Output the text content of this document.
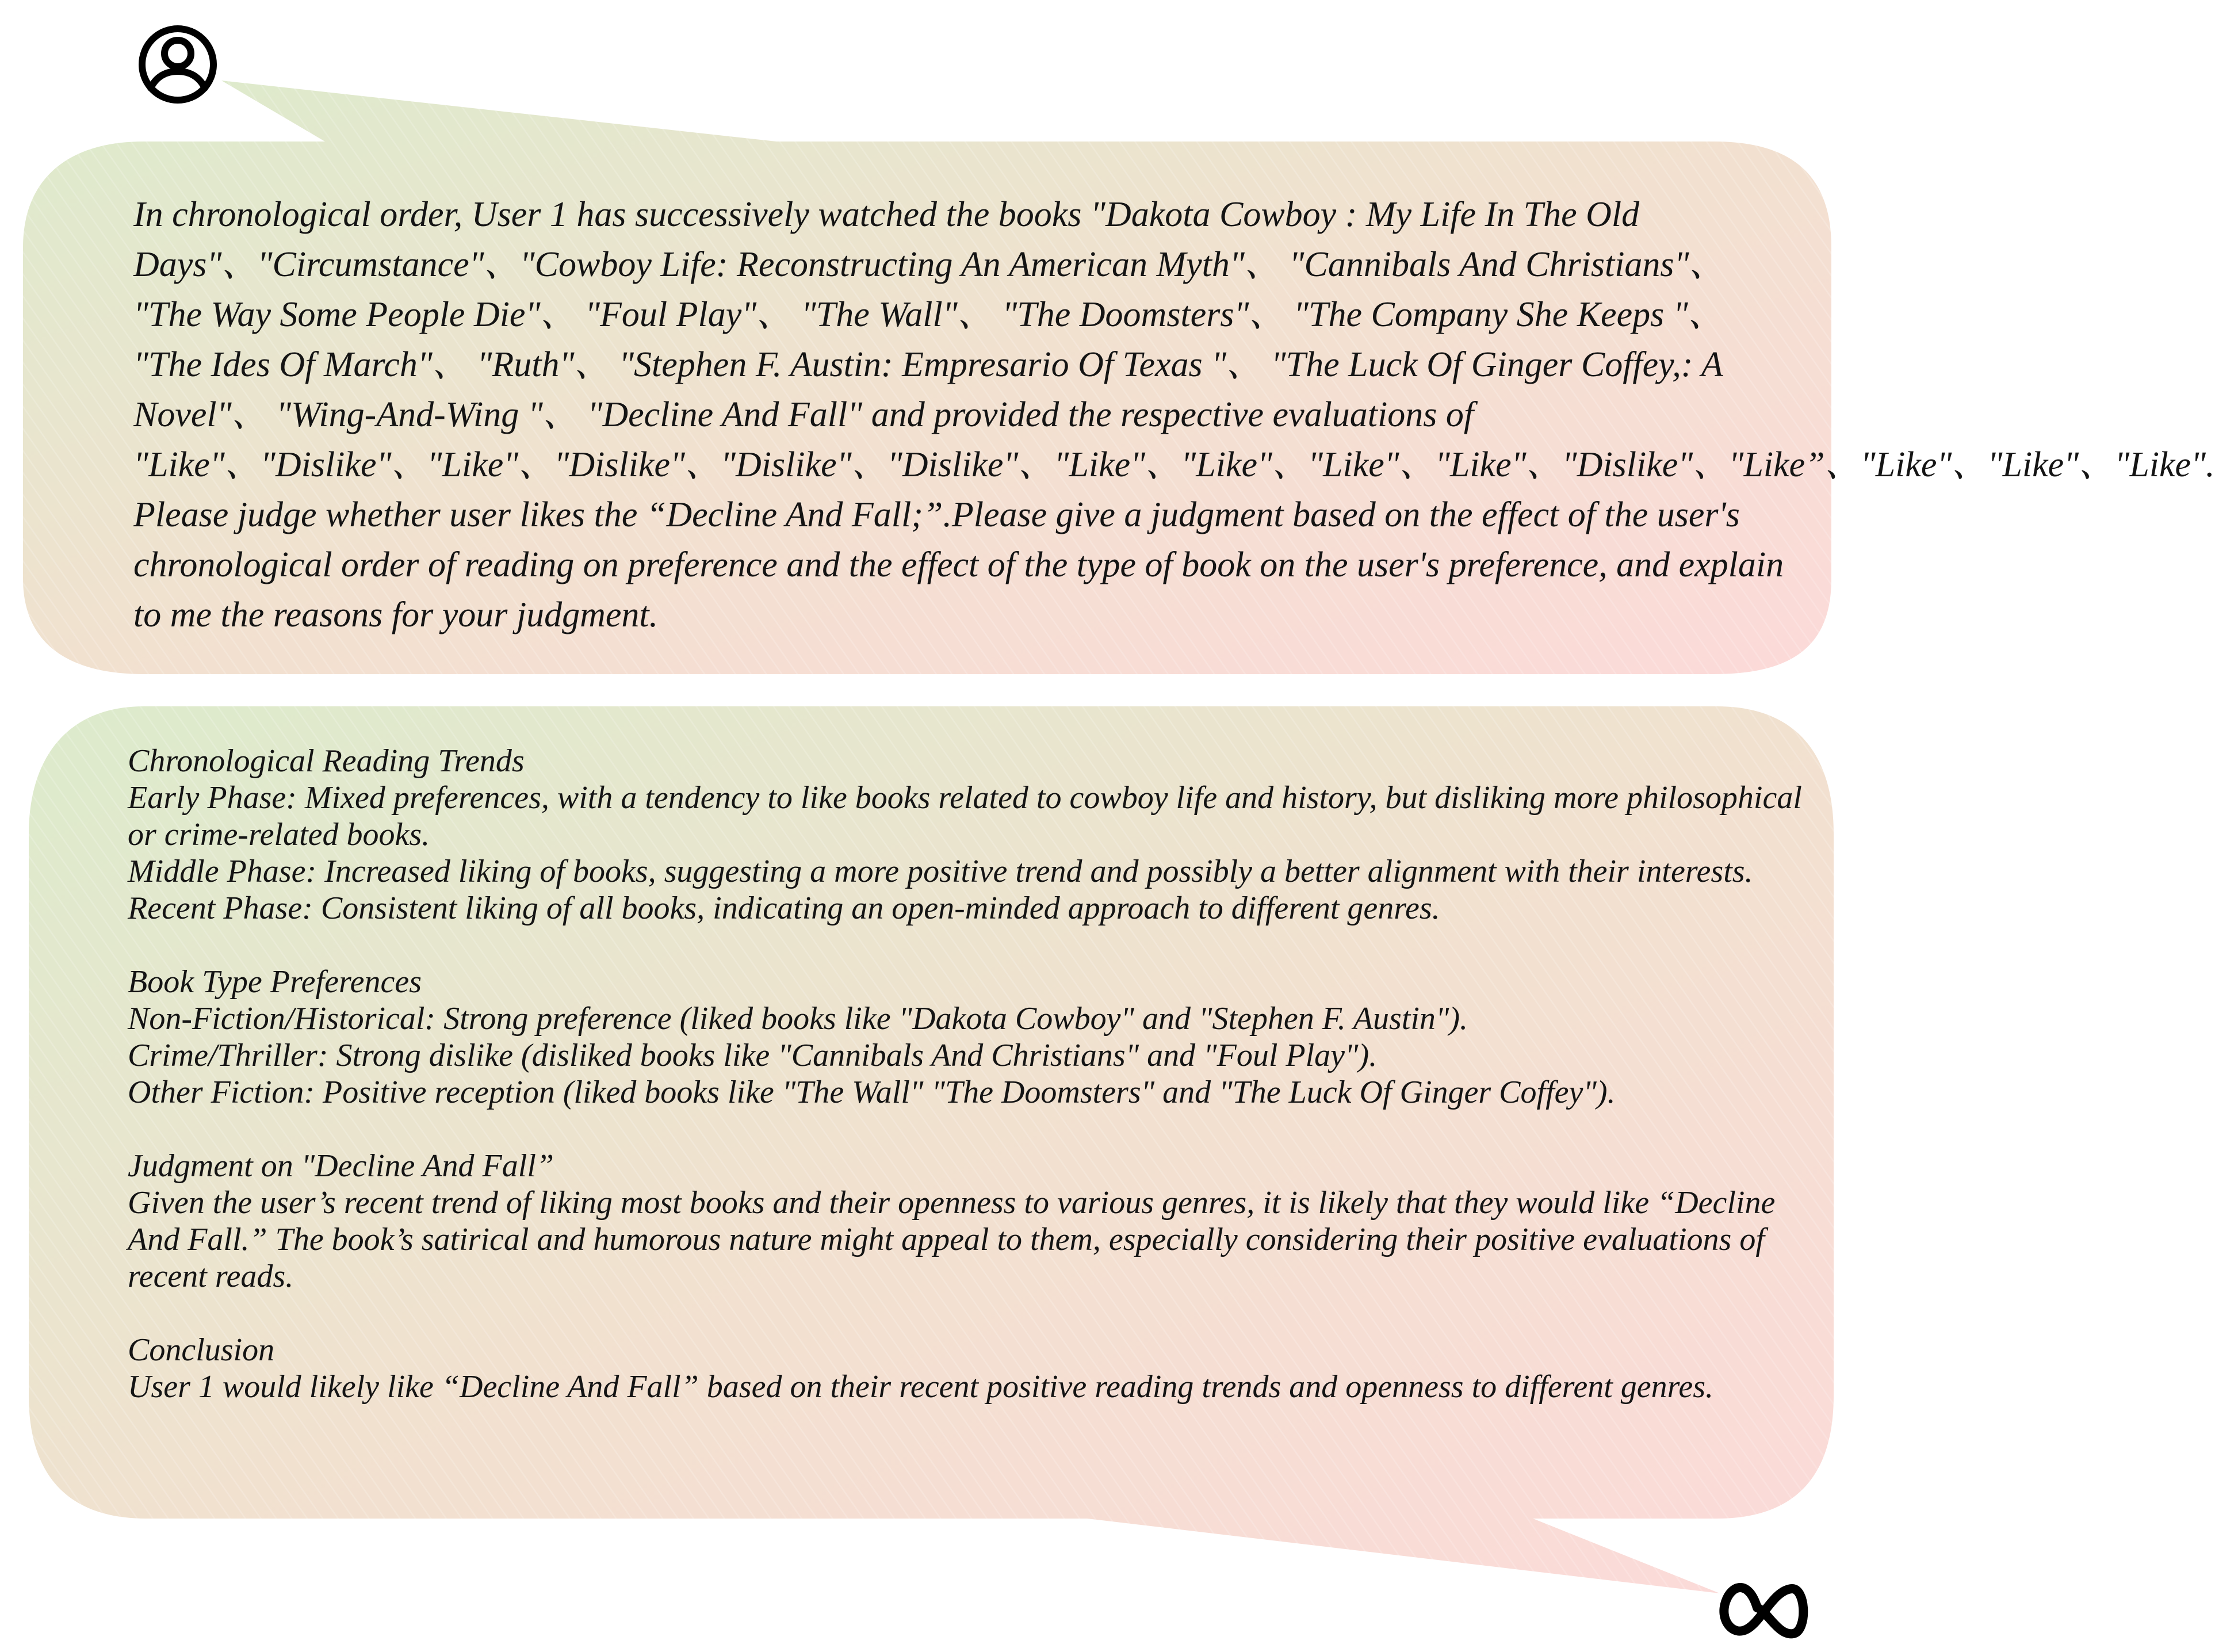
In chronological order, User 1 has successively watched the books "Dakota Cowboy : My Life In The Old Days"、"Circumstance"、"Cowboy Life: Reconstructing An American Myth"、 "Cannibals And Christians"、 "The Way Some People Die"、 "Foul Play"、 "The Wall"、 "The Doomsters"、 "The Company She Keeps "、 "The Ides Of March"、 "Ruth"、 "Stephen F. Austin: Empresario Of Texas "、 "The Luck Of Ginger Coffey,: A Novel"、 "Wing-And-Wing "、 "Decline And Fall" and provided the respective evaluations of "Like"、"Dislike"、"Like"、"Dislike"、"Dislike"、"Dislike"、"Like"、"Like"、"Like"、"Like"、"Dislike"、"Like”、"Like"、"Like"、"Like". Please judge whether user likes the “Decline And Fall;”.Please give a judgment based on the effect of the user's chronological order of reading on preference and the effect of the type of book on the user's preference, and explain to me the reasons for your judgment.

Chronological Reading Trends

Early Phase: Mixed preferences, with a tendency to like books related to cowboy life and history, but disliking more philosophical or crime-related books.

Middle Phase: Increased liking of books, suggesting a more positive trend and possibly a better alignment with their interests.

Recent Phase: Consistent liking of all books, indicating an open-minded approach to different genres.

Book Type Preferences

Non-Fiction/Historical: Strong preference (liked books like "Dakota Cowboy" and "Stephen F. Austin").

Crime/Thriller: Strong dislike (disliked books like "Cannibals And Christians" and "Foul Play").

Other Fiction: Positive reception (liked books like "The Wall" "The Doomsters" and "The Luck Of Ginger Coffey").

Judgment on "Decline And Fall”

Given the user’s recent trend of liking most books and their openness to various genres, it is likely that they would like “Decline And Fall.” The book’s satirical and humorous nature might appeal to them, especially considering their positive evaluations of recent reads.

Conclusion

User 1 would likely like “Decline And Fall” based on their recent positive reading trends and openness to different genres.
